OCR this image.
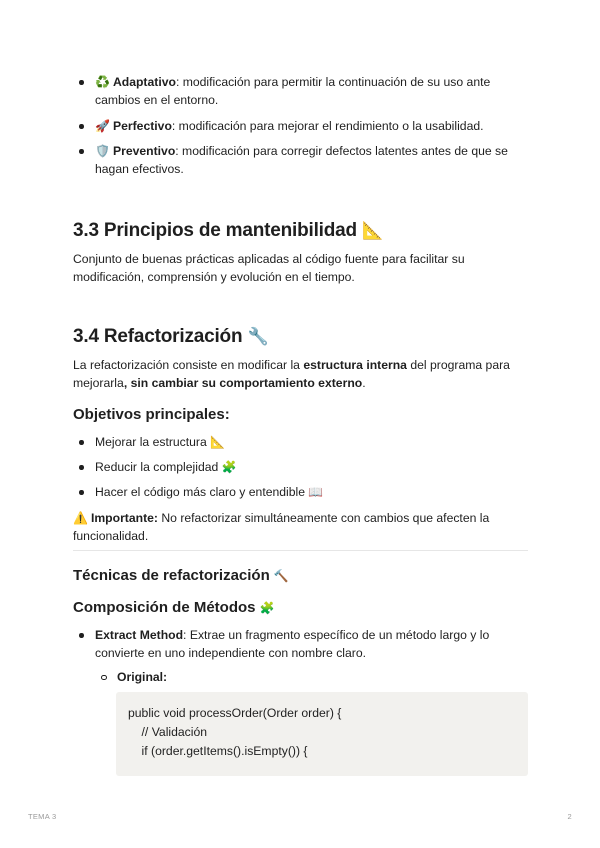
♻️ Adaptativo: modificación para permitir la continuación de su uso ante cambios en el entorno.
🚀 Perfectivo: modificación para mejorar el rendimiento o la usabilidad.
🛡️ Preventivo: modificación para corregir defectos latentes antes de que se hagan efectivos.
3.3 Principios de mantenibilidad 📐

Conjunto de buenas prácticas aplicadas al código fuente para facilitar su modificación, comprensión y evolución en el tiempo.

3.4 Refactorización 🔧

La refactorización consiste en modificar la estructura interna del programa para mejorarla, sin cambiar su comportamiento externo.

Objetivos principales:
Mejorar la estructura 📐
Reducir la complejidad 🧩
Hacer el código más claro y entendible 📖

⚠️ Importante: No refactorizar simultáneamente con cambios que afecten la funcionalidad.

Técnicas de refactorización 🔨
Composición de Métodos 🧩
Extract Method: Extrae un fragmento específico de un método largo y lo convierte en uno independiente con nombre claro.
Original:
public void processOrder(Order order) {
// Validación
if (order.getItems().isEmpty()) {
TEMA 3	2
